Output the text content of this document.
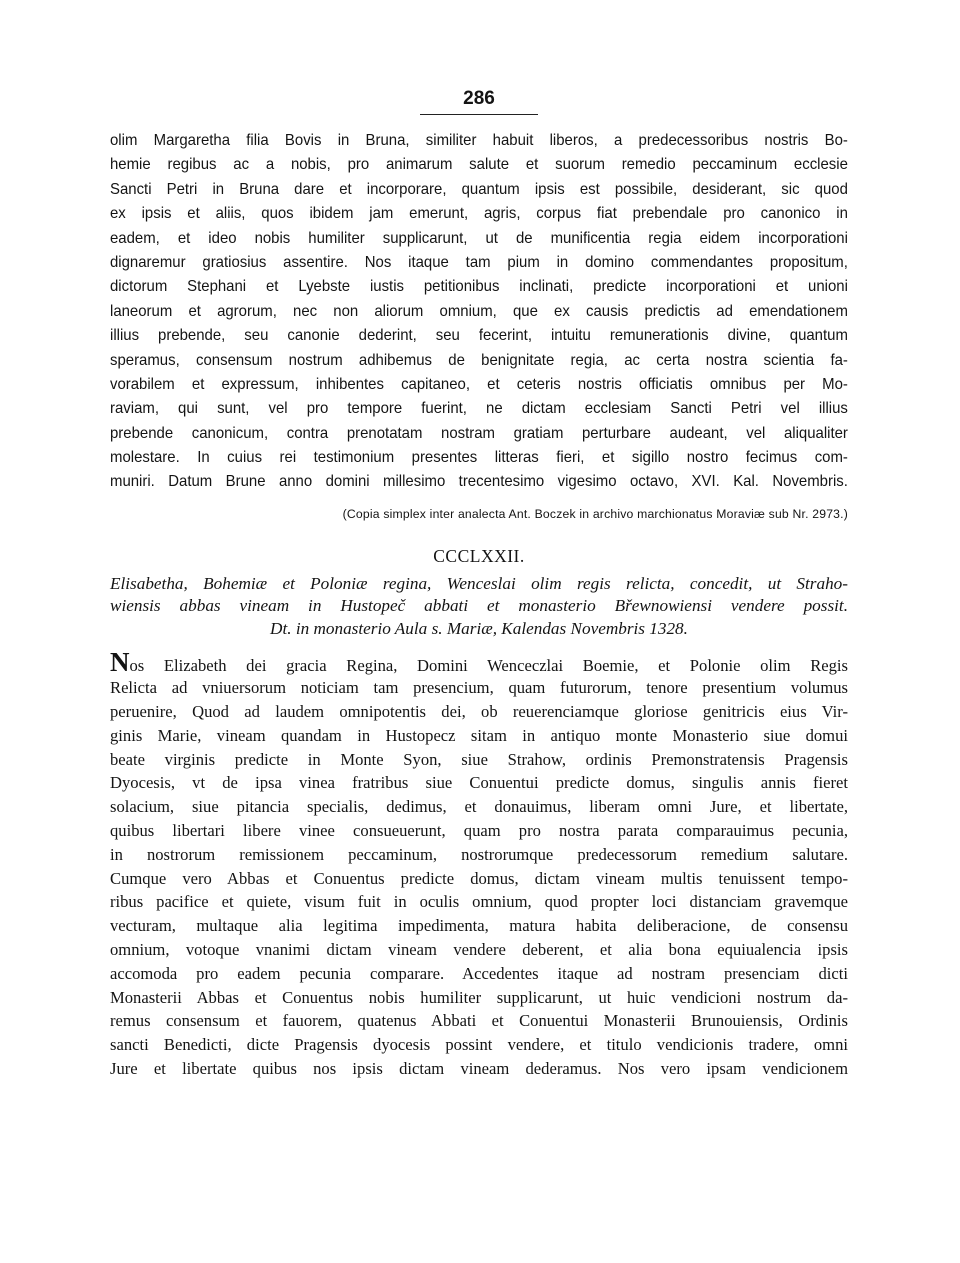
286
olim Margaretha filia Bovis in Bruna, similiter habuit liberos, a predecessoribus nostris Bo-
hemie regibus ac a nobis, pro animarum salute et suorum remedio peccaminum ecclesie
Sancti Petri in Bruna dare et incorporare, quantum ipsis est possibile, desiderant, sic quod
ex ipsis et aliis, quos ibidem jam emerunt, agris, corpus fiat prebendale pro canonico in
eadem, et ideo nobis humiliter supplicarunt, ut de munificentia regia eidem incorporationi
dignaremur gratiosius assentire. Nos itaque tam pium in domino commendantes propositum,
dictorum Stephani et Lyebste iustis petitionibus inclinati, predicte incorporationi et unioni
laneorum et agrorum, nec non aliorum omnium, que ex causis predictis ad emendationem
illius prebende, seu canonie dederint, seu fecerint, intuitu remunerationis divine, quantum
speramus, consensum nostrum adhibemus de benignitate regia, ac certa nostra scientia fa-
vorabilem et expressum, inhibentes capitaneo, et ceteris nostris officiatis omnibus per Mo-
raviam, qui sunt, vel pro tempore fuerint, ne dictam ecclesiam Sancti Petri vel illius
prebende canonicum, contra prenotatam nostram gratiam perturbare audeant, vel aliqualiter
molestare. In cuius rei testimonium presentes litteras fieri, et sigillo nostro fecimus com-
muniri. Datum Brune anno domini millesimo trecentesimo vigesimo octavo, XVI. Kal. Novembris.
(Copia simplex inter analecta Ant. Boczek in archivo marchionatus Moraviæ sub Nr. 2973.)
CCCLXXII.
Elisabetha, Bohemiæ et Poloniæ regina, Wenceslai olim regis relicta, concedit, ut Straho-
wiensis abbas vineam in Hustopeč abbati et monasterio Břewnowiensi vendere possit.
Dt. in monasterio Aula s. Mariæ, Kalendas Novembris 1328.
Nos Elizabeth dei gracia Regina, Domini Wenceczlai Boemie, et Polonie olim Regis
Relicta ad vniuersorum noticiam tam presencium, quam futurorum, tenore presentium volumus
peruenire, Quod ad laudem omnipotentis dei, ob reuerenciamque gloriose genitricis eius Vir-
ginis Marie, vineam quandam in Hustopecz sitam in antiquo monte Monasterio siue domui
beate virginis predicte in Monte Syon, siue Strahow, ordinis Premonstratensis Pragensis
Dyocesis, vt de ipsa vinea fratribus siue Conuentui predicte domus, singulis annis fieret
solacium, siue pitancia specialis, dedimus, et donauimus, liberam omni Jure, et libertate,
quibus libertari libere vinee consueuerunt, quam pro nostra parata comparauimus pecunia,
in nostrorum remissionem peccaminum, nostrorumque predecessorum remedium salutare.
Cumque vero Abbas et Conuentus predicte domus, dictam vineam multis tenuissent tempo-
ribus pacifice et quiete, visum fuit in oculis omnium, quod propter loci distanciam gravemque
vecturam, multaque alia legitima impedimenta, matura habita deliberacione, de consensu
omnium, votoque vnanimi dictam vineam vendere deberent, et alia bona equiualencia ipsis
accomoda pro eadem pecunia comparare. Accedentes itaque ad nostram presenciam dicti
Monasterii Abbas et Conuentus nobis humiliter supplicarunt, ut huic vendicioni nostrum da-
remus consensum et fauorem, quatenus Abbati et Conuentui Monasterii Brunouiensis, Ordinis
sancti Benedicti, dicte Pragensis dyocesis possint vendere, et titulo vendicionis tradere, omni
Jure et libertate quibus nos ipsis dictam vineam dederamus. Nos vero ipsam vendicionem
